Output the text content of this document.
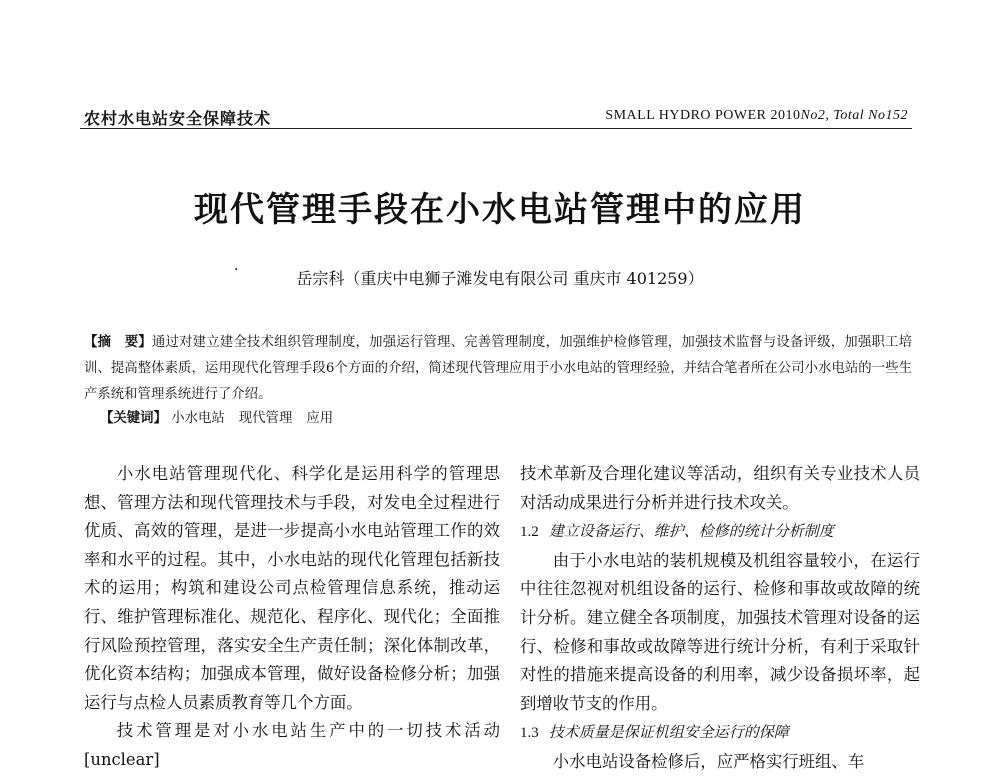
农村水电站安全保障技术	SMALL HYDRO POWER 2010No2, Total No152
现代管理手段在小水电站管理中的应用
·	岳宗科（重庆中电狮子滩发电有限公司 重庆市 401259）
【摘　要】通过对建立建全技术组织管理制度，加强运行管理、完善管理制度，加强维护检修管理，加强技术监督与设备评级，加强职工培训、提高整体素质，运用现代化管理手段6个方面的介绍，简述现代管理应用于小水电站的管理经验，并结合笔者所在公司小水电站的一些生产系统和管理系统进行了介绍。
【关键词】 小水电站 现代管理 应用

小水电站管理现代化、科学化是运用科学的管理思想、管理方法和现代管理技术与手段，对发电全过程进行优质、高效的管理，是进一步提高小水电站管理工作的效率和水平的过程。其中，小水电站的现代化管理包括新技术的运用；构筑和建设公司点检管理信息系统，推动运行、维护管理标准化、规范化、程序化、现代化；全面推行风险预控管理，落实安全生产责任制；深化体制改革，优化资本结构；加强成本管理，做好设备检修分析；加强运行与点检人员素质教育等几个方面。

技术管理是对小水电站生产中的一切技术活动[unclear]

技术革新及合理化建议等活动，组织有关专业技术人员对活动成果进行分析并进行技术攻关。

1.2 建立设备运行、维护、检修的统计分析制度

由于小水电站的装机规模及机组容量较小，在运行中往往忽视对机组设备的运行、检修和事故或故障的统计分析。建立健全各项制度，加强技术管理对设备的运行、检修和事故或故障等进行统计分析，有利于采取针对性的措施来提高设备的利用率，减少设备损坏率，起到增收节支的作用。

1.3 技术质量是保证机组安全运行的保障

小水电站设备检修后，应严格实行班组、车
